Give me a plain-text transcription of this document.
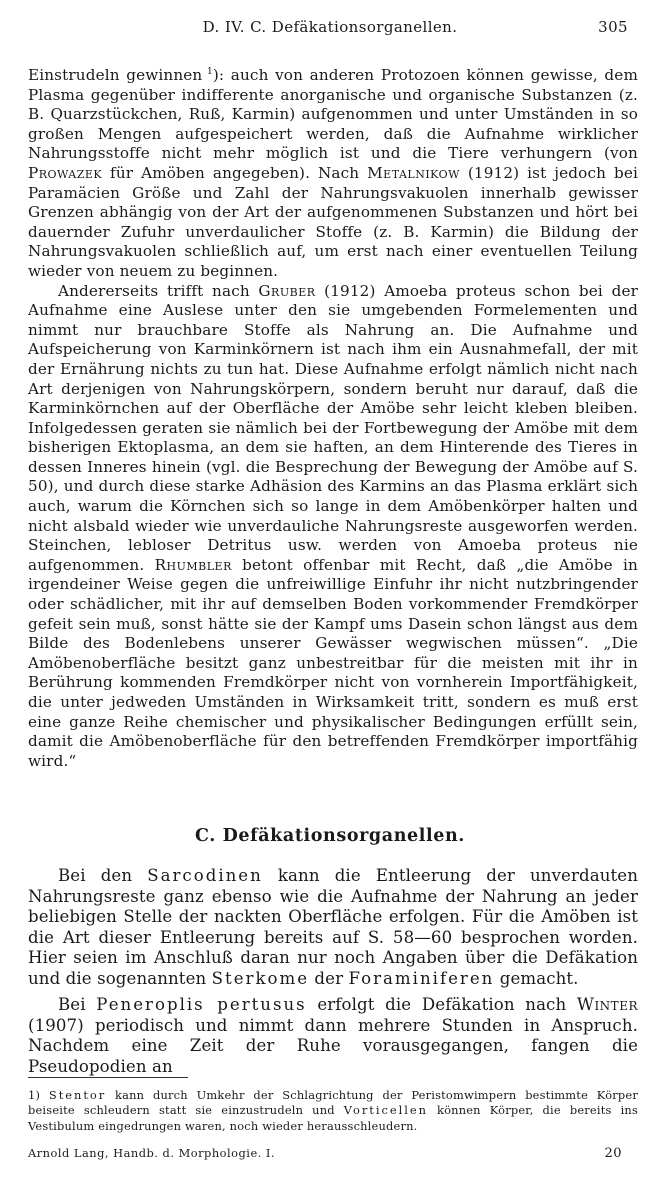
D. IV. C. Defäkationsorganellen.	305

Einstrudeln gewinnen $^1$): auch von anderen Protozoen können gewisse, dem Plasma gegenüber indifferente anorganische und organische Substanzen (z. B. Quarzstückchen, Ruß, Karmin) aufgenommen und unter Umständen in so großen Mengen aufgespeichert werden, daß die Aufnahme wirklicher Nahrungsstoffe nicht mehr möglich ist und die Tiere verhungern (von Prowazek für Amöben angegeben). Nach Metalnikow (1912) ist jedoch bei Paramäcien Größe und Zahl der Nahrungsvakuolen innerhalb gewisser Grenzen abhängig von der Art der aufgenommenen Substanzen und hört bei dauernder Zufuhr unverdaulicher Stoffe (z. B. Karmin) die Bildung der Nahrungsvakuolen schließlich auf, um erst nach einer eventuellen Teilung wieder von neuem zu beginnen.

Andererseits trifft nach Gruber (1912) Amoeba proteus schon bei der Aufnahme eine Auslese unter den sie umgebenden Formelementen und nimmt nur brauchbare Stoffe als Nahrung an. Die Aufnahme und Aufspeicherung von Karminkörnern ist nach ihm ein Ausnahmefall, der mit der Ernährung nichts zu tun hat. Diese Aufnahme erfolgt nämlich nicht nach Art derjenigen von Nahrungskörpern, sondern beruht nur darauf, daß die Karminkörnchen auf der Oberfläche der Amöbe sehr leicht kleben bleiben. Infolgedessen geraten sie nämlich bei der Fortbewegung der Amöbe mit dem bisherigen Ektoplasma, an dem sie haften, an dem Hinterende des Tieres in dessen Inneres hinein (vgl. die Besprechung der Bewegung der Amöbe auf S. 50), und durch diese starke Adhäsion des Karmins an das Plasma erklärt sich auch, warum die Körnchen sich so lange in dem Amöbenkörper halten und nicht alsbald wieder wie unverdauliche Nahrungsreste ausgeworfen werden. Steinchen, lebloser Detritus usw. werden von Amoeba proteus nie aufgenommen. Rhumbler betont offenbar mit Recht, daß „die Amöbe in irgendeiner Weise gegen die unfreiwillige Einfuhr ihr nicht nutzbringender oder schädlicher, mit ihr auf demselben Boden vorkommender Fremdkörper gefeit sein muß, sonst hätte sie der Kampf ums Dasein schon längst aus dem Bilde des Bodenlebens unserer Gewässer wegwischen müssen“. „Die Amöbenoberfläche besitzt ganz unbestreitbar für die meisten mit ihr in Berührung kommenden Fremdkörper nicht von vornherein Importfähigkeit, die unter jedweden Umständen in Wirksamkeit tritt, sondern es muß erst eine ganze Reihe chemischer und physikalischer Bedingungen erfüllt sein, damit die Amöbenoberfläche für den betreffenden Fremdkörper importfähig wird.“

C. Defäkationsorganellen.

Bei den Sarcodinen kann die Entleerung der unverdauten Nahrungsreste ganz ebenso wie die Aufnahme der Nahrung an jeder beliebigen Stelle der nackten Oberfläche erfolgen. Für die Amöben ist die Art dieser Entleerung bereits auf S. 58—60 besprochen worden. Hier seien im Anschluß daran nur noch Angaben über die Defäkation und die sogenannten Sterkome der Foraminiferen gemacht.

Bei Peneroplis pertusus erfolgt die Defäkation nach Winter (1907) periodisch und nimmt dann mehrere Stunden in Anspruch. Nachdem eine Zeit der Ruhe vorausgegangen, fangen die Pseudopodien an

1) Stentor kann durch Umkehr der Schlagrichtung der Peristomwimpern bestimmte Körper beiseite schleudern statt sie einzustrudeln und Vorticellen können Körper, die bereits ins Vestibulum eingedrungen waren, noch wieder herausschleudern.
Arnold Lang, Handb. d. Morphologie. I.	20
